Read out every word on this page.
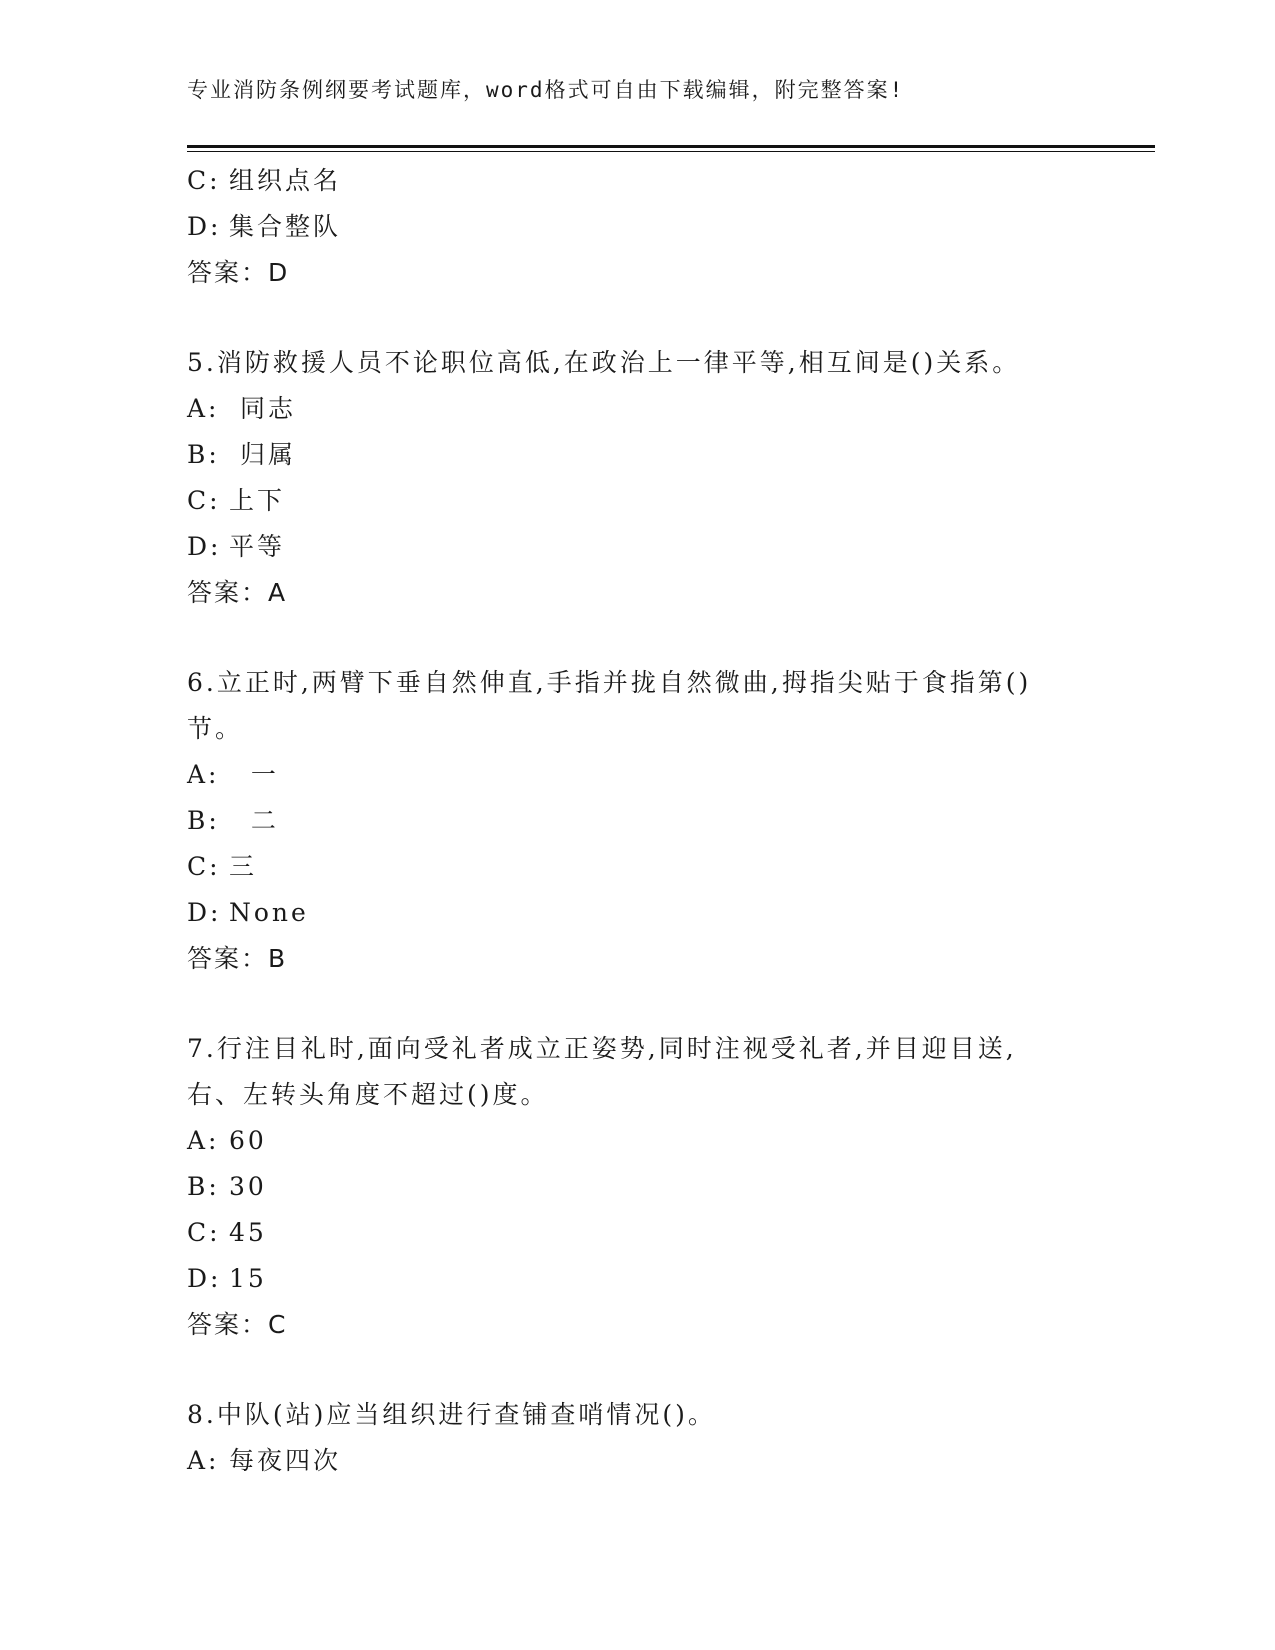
专业消防条例纲要考试题库，word格式可自由下载编辑，附完整答案!
C: 组织点名
D: 集合整队
答案：D
5.消防救援人员不论职位高低,在政治上一律平等,相互间是()关系。
A: 同志
B: 归属
C: 上下
D: 平等
答案：A
6.立正时,两臂下垂自然伸直,手指并拢自然微曲,拇指尖贴于食指第()
节。
A:  一
B:  二
C: 三
D: None
答案：B
7.行注目礼时,面向受礼者成立正姿势,同时注视受礼者,并目迎目送,
右、左转头角度不超过()度。
A: 60
B: 30
C: 45
D: 15
答案：C
8.中队(站)应当组织进行查铺查哨情况()。
A: 每夜四次
